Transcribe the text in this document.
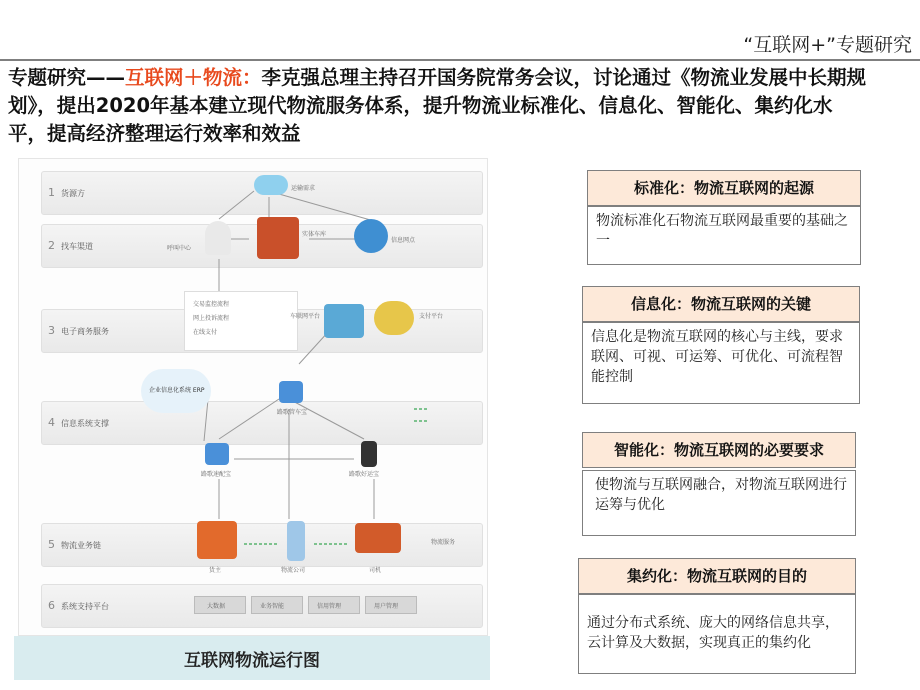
“互联网+”专题研究
专题研究——互联网＋物流：李克强总理主持召开国务院常务会议，讨论通过《物流业发展中长期规划》，提出2020年基本建立现代物流服务体系，提升物流业标准化、信息化、智能化、集约化水平，提高经济整理运行效率和效益
1 货源方
2 找车渠道
3 电子商务服务
4 信息系统支撑
5 物流业务链
6 系统支持平台
运输需求
呼叫中心
实体车库
信息网点
交易监控流程
网上投诉流程
在线支付
车联网平台	支付平台
企业信息化系统 ERP
路歌管车宝
路歌速配宝	路歌好运宝
货主	物流公司	司机
物流服务
大数据	业务智能	信用管理	用户管理
互联网物流运行图
标准化：物流互联网的起源
物流标准化石物流互联网最重要的基础之一
信息化：物流互联网的关键
信息化是物流互联网的核心与主线，要求联网、可视、可运筹、可优化、可流程智能控制
智能化：物流互联网的必要要求
使物流与互联网融合，对物流互联网进行运筹与优化
集约化：物流互联网的目的
通过分布式系统、庞大的网络信息共享，云计算及大数据，实现真正的集约化
